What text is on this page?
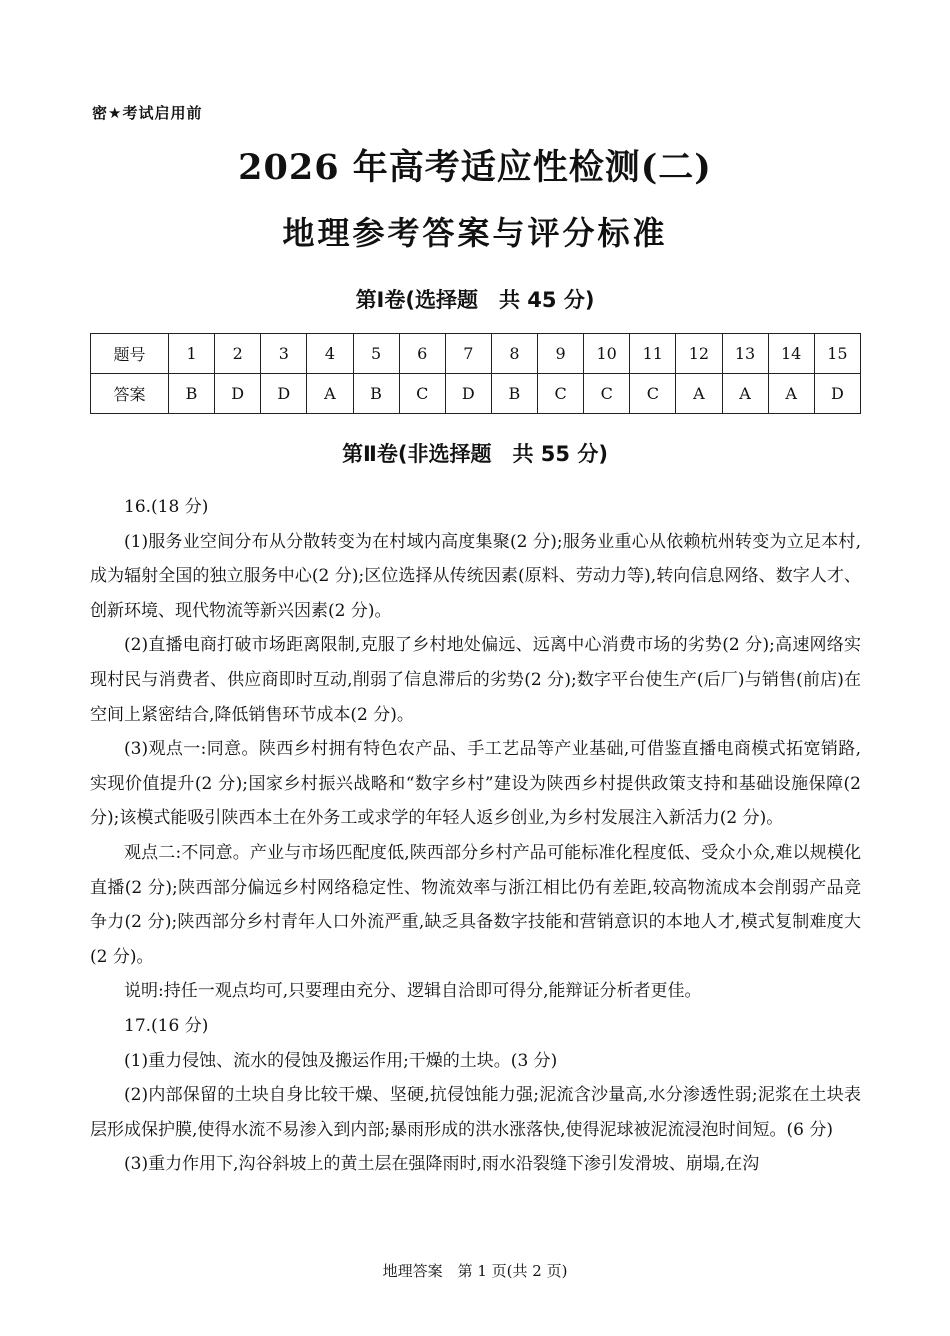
密★考试启用前
2026 年高考适应性检测(二)
地理参考答案与评分标准
第Ⅰ卷(选择题　共 45 分)
题号	1	2	3	4	5	6	7	8	9	10	11	12	13	14	15
答案	B	D	D	A	B	C	D	B	C	C	C	A	A	A	D
第Ⅱ卷(非选择题　共 55 分)

16.(18 分)

(1)服务业空间分布从分散转变为在村域内高度集聚(2 分);服务业重心从依赖杭州转变为立足本村,成为辐射全国的独立服务中心(2 分);区位选择从传统因素(原料、劳动力等),转向信息网络、数字人才、创新环境、现代物流等新兴因素(2 分)。

(2)直播电商打破市场距离限制,克服了乡村地处偏远、远离中心消费市场的劣势(2 分);高速网络实现村民与消费者、供应商即时互动,削弱了信息滞后的劣势(2 分);数字平台使生产(后厂)与销售(前店)在空间上紧密结合,降低销售环节成本(2 分)。

(3)观点一:同意。陕西乡村拥有特色农产品、手工艺品等产业基础,可借鉴直播电商模式拓宽销路,实现价值提升(2 分);国家乡村振兴战略和“数字乡村”建设为陕西乡村提供政策支持和基础设施保障(2 分);该模式能吸引陕西本土在外务工或求学的年轻人返乡创业,为乡村发展注入新活力(2 分)。

观点二:不同意。产业与市场匹配度低,陕西部分乡村产品可能标准化程度低、受众小众,难以规模化直播(2 分);陕西部分偏远乡村网络稳定性、物流效率与浙江相比仍有差距,较高物流成本会削弱产品竞争力(2 分);陕西部分乡村青年人口外流严重,缺乏具备数字技能和营销意识的本地人才,模式复制难度大(2 分)。

说明:持任一观点均可,只要理由充分、逻辑自洽即可得分,能辩证分析者更佳。

17.(16 分)

(1)重力侵蚀、流水的侵蚀及搬运作用;干燥的土块。(3 分)

(2)内部保留的土块自身比较干燥、坚硬,抗侵蚀能力强;泥流含沙量高,水分渗透性弱;泥浆在土块表层形成保护膜,使得水流不易渗入到内部;暴雨形成的洪水涨落快,使得泥球被泥流浸泡时间短。(6 分)

(3)重力作用下,沟谷斜坡上的黄土层在强降雨时,雨水沿裂缝下渗引发滑坡、崩塌,在沟

地理答案　第 1 页(共 2 页)
